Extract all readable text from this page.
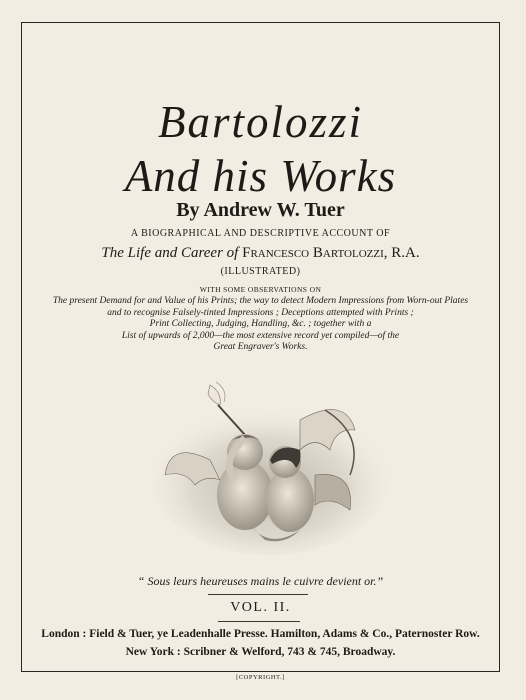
Bartolozzi
And his Works
By Andrew W. Tuer
A BIOGRAPHICAL AND DESCRIPTIVE ACCOUNT OF
The Life and Career of Francesco Bartolozzi, R.A.
(ILLUSTRATED)
WITH SOME OBSERVATIONS ON
The present Demand for and Value of his Prints; the way to detect Modern Impressions from Worn-out Plates
and to recognise Falsely-tinted Impressions ; Deceptions attempted with Prints ;
Print Collecting, Judging, Handling, &c. ; together with a
List of upwards of 2,000—the most extensive record yet compiled—of the
Great Engraver's Works.
“ Sous leurs heureuses mains le cuivre devient or.”
VOL. II.
London : Field & Tuer, ye Leadenhalle Presse. Hamilton, Adams & Co., Paternoster Row.
New York : Scribner & Welford, 743 & 745, Broadway.
[COPYRIGHT.]
